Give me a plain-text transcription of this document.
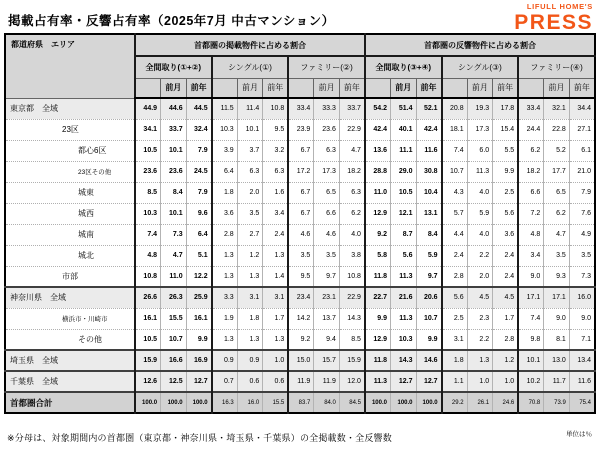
掲載占有率・反響占有率（2025年7月 中古マンション）
LIFULL HOME'S
PRESS
都道府県　エリア	首都圏の掲載物件に占める割合									首都圏の反響物件に占める割合								
	全間取り(①+②)			シングル(①)			ファミリー(②)			全間取り(③+④)			シングル(③)			ファミリー(④)		
		前月	前年		前月	前年		前月	前年		前月	前年		前月	前年		前月	前年
東京都　全域	44.9	44.6	44.5	11.5	11.4	10.8	33.4	33.3	33.7	54.2	51.4	52.1	20.8	19.3	17.8	33.4	32.1	34.4
23区	34.1	33.7	32.4	10.3	10.1	9.5	23.9	23.6	22.9	42.4	40.1	42.4	18.1	17.3	15.4	24.4	22.8	27.1
都心6区	10.5	10.1	7.9	3.9	3.7	3.2	6.7	6.3	4.7	13.6	11.1	11.6	7.4	6.0	5.5	6.2	5.2	6.1
23区その他	23.6	23.6	24.5	6.4	6.3	6.3	17.2	17.3	18.2	28.8	29.0	30.8	10.7	11.3	9.9	18.2	17.7	21.0
城東	8.5	8.4	7.9	1.8	2.0	1.6	6.7	6.5	6.3	11.0	10.5	10.4	4.3	4.0	2.5	6.6	6.5	7.9
城西	10.3	10.1	9.6	3.6	3.5	3.4	6.7	6.6	6.2	12.9	12.1	13.1	5.7	5.9	5.6	7.2	6.2	7.6
城南	7.4	7.3	6.4	2.8	2.7	2.4	4.6	4.6	4.0	9.2	8.7	8.4	4.4	4.0	3.6	4.8	4.7	4.9
城北	4.8	4.7	5.1	1.3	1.2	1.3	3.5	3.5	3.8	5.8	5.6	5.9	2.4	2.2	2.4	3.4	3.5	3.5
市部	10.8	11.0	12.2	1.3	1.3	1.4	9.5	9.7	10.8	11.8	11.3	9.7	2.8	2.0	2.4	9.0	9.3	7.3
神奈川県　全域	26.6	26.3	25.9	3.3	3.1	3.1	23.4	23.1	22.9	22.7	21.6	20.6	5.6	4.5	4.5	17.1	17.1	16.0
横浜市・川崎市	16.1	15.5	16.1	1.9	1.8	1.7	14.2	13.7	14.3	9.9	11.3	10.7	2.5	2.3	1.7	7.4	9.0	9.0
その他	10.5	10.7	9.9	1.3	1.3	1.3	9.2	9.4	8.5	12.9	10.3	9.9	3.1	2.2	2.8	9.8	8.1	7.1
埼玉県　全域	15.9	16.6	16.9	0.9	0.9	1.0	15.0	15.7	15.9	11.8	14.3	14.6	1.8	1.3	1.2	10.1	13.0	13.4
千葉県　全域	12.6	12.5	12.7	0.7	0.6	0.6	11.9	11.9	12.0	11.3	12.7	12.7	1.1	1.0	1.0	10.2	11.7	11.6
首都圏合計	100.0	100.0	100.0	16.3	16.0	15.5	83.7	84.0	84.5	100.0	100.0	100.0	29.2	26.1	24.6	70.8	73.9	75.4
※分母は、対象期間内の首都圏（東京都・神奈川県・埼玉県・千葉県）の全掲載数・全反響数	単位は％
